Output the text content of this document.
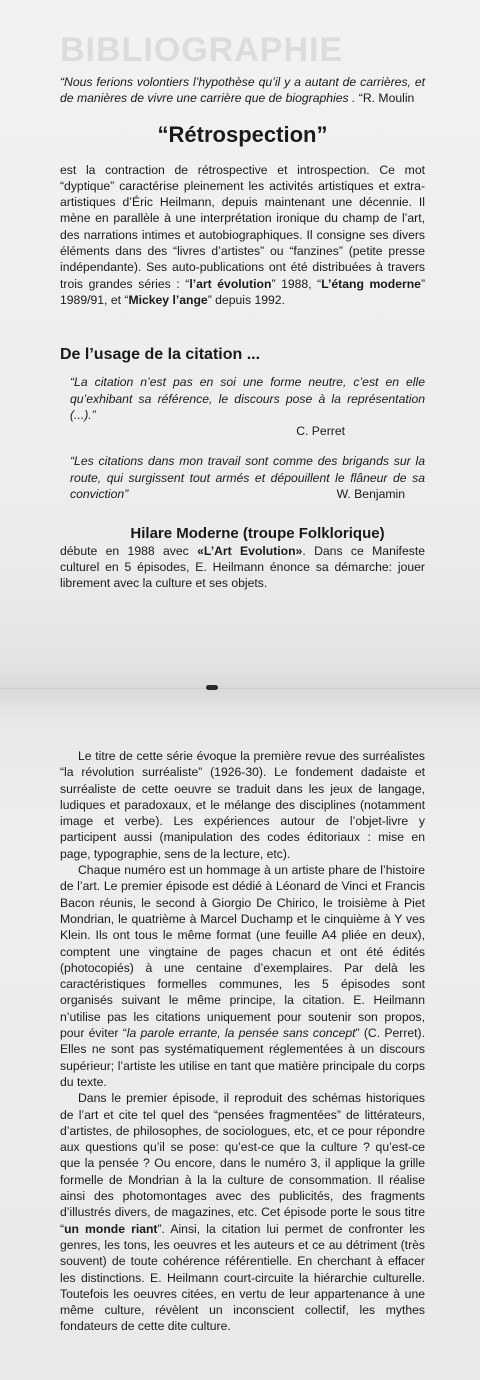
BIBLIOGRAPHIE

“Nous ferions volontiers l’hypothèse qu’il y a autant de carrières, et de manières de vivre une carrière que de biographies . “R. Moulin

“Rétrospection”

est la contraction de rétrospective et introspection. Ce mot “dyptique” caractérise pleinement les activités artistiques et extra-artistiques d’Éric Heilmann, depuis maintenant une décennie. Il mène en parallèle à une interprétation ironique du champ de l’art, des narrations intimes et autobiographiques. Il consigne ses divers éléments dans des “livres d’artistes” ou “fanzines” (petite presse indépendante). Ses auto-publications ont été distribuées à travers trois grandes séries : “l’art évolution” 1988, “L’étang moderne” 1989/91, et “Mickey l’ange” depuis 1992.

De l’usage de la citation ...

“La citation n’est pas en soi une forme neutre, c’est en elle qu’exhibant sa référence, le discours pose à la représentation (...).”

C. Perret

“Les citations dans mon travail sont comme des brigands sur la route, qui surgissent tout armés et dépouillent le flâneur de sa conviction”	W. Benjamin
Hilare Moderne (troupe Folklorique)

débute en 1988 avec «L’Art Evolution». Dans ce Manifeste culturel en 5 épisodes, E. Heilmann énonce sa démarche: jouer librement avec la culture et ses objets.

Le titre de cette série évoque la première revue des surréalistes “la révolution surréaliste” (1926-30). Le fondement dadaiste et surréaliste de cette oeuvre se traduit dans les jeux de langage, ludiques et paradoxaux, et le mélange des disciplines (notamment image et verbe). Les expériences autour de l’objet-livre y participent aussi (manipulation des codes éditoriaux : mise en page, typographie, sens de la lecture, etc).

Chaque numéro est un hommage à un artiste phare de l’histoire de l’art. Le premier épisode est dédié à Léonard de Vinci et Francis Bacon réunis, le second à Giorgio De Chirico, le troisième à Piet Mondrian, le quatrième à Marcel Duchamp et le cinquième à Y ves Klein. Ils ont tous le même format (une feuille A4 pliée en deux), comptent une vingtaine de pages chacun et ont été édités (photocopiés) à une centaine d’exemplaires. Par delà les caractéristiques formelles communes, les 5 épisodes sont organisés suivant le même principe, la citation. E. Heilmann n’utilise pas les citations uniquement pour soutenir son propos, pour éviter “la parole errante, la pensée sans concept” (C. Perret). Elles ne sont pas systématiquement réglementées à un discours supérieur; l’artiste les utilise en tant que matière principale du corps du texte.

Dans le premier épisode, il reproduit des schémas historiques de l’art et cite tel quel des “pensées fragmentées” de littérateurs, d’artistes, de philosophes, de sociologues, etc, et ce pour répondre aux questions qu’il se pose: qu’est-ce que la culture ? qu’est-ce que la pensée ? Ou encore, dans le numéro 3, il applique la grille formelle de Mondrian à la la culture de consommation. Il réalise ainsi des photomontages avec des publicités, des fragments d’illustrés divers, de magazines, etc. Cet épisode porte le sous titre “un monde riant”. Ainsi, la citation lui permet de confronter les genres, les tons, les oeuvres et les auteurs et ce au détriment (très souvent) de toute cohérence référentielle. En cherchant à effacer les distinctions. E. Heilmann court-circuite la hiérarchie culturelle. Toutefois les oeuvres citées, en vertu de leur appartenance à une même culture, révèlent un inconscient collectif, les mythes fondateurs de cette dite culture.
